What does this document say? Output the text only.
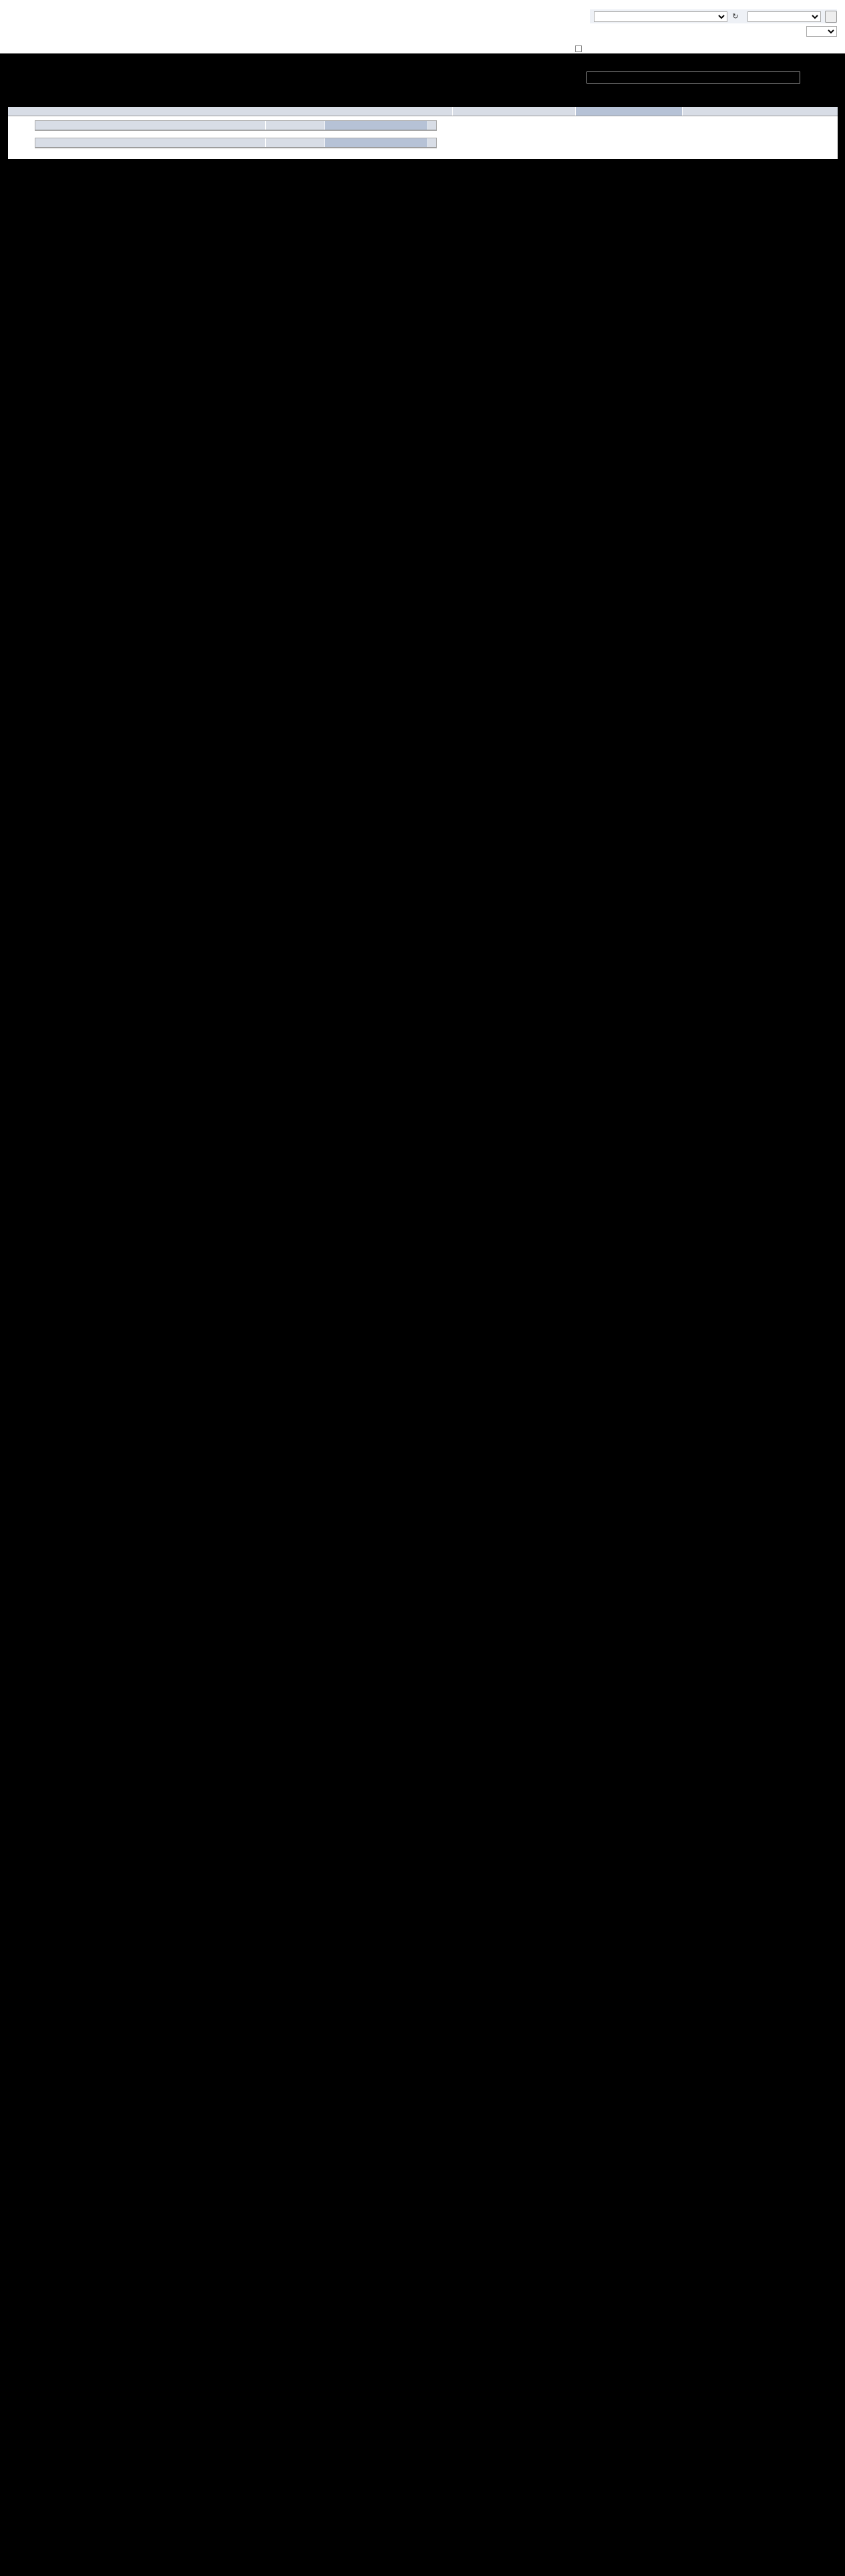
↻
